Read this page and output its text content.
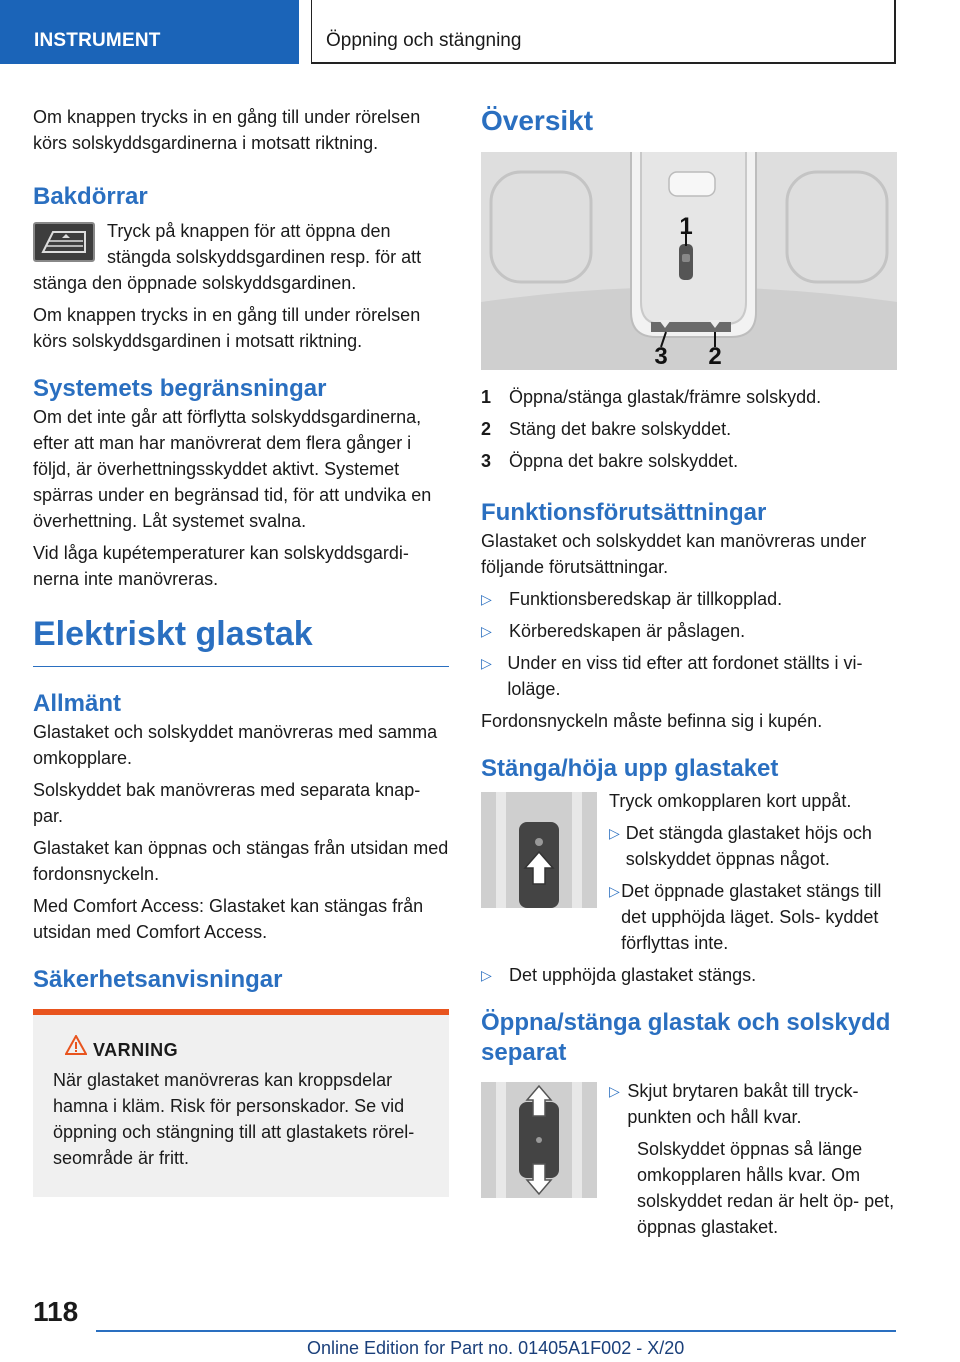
INSTRUMENT	Öppning och stängning

Om knappen trycks in en gång till under rörelsen körs solskyddsgardinerna i motsatt riktning.

Bakdörrar

Tryck på knappen för att öppna den stängda solskyddsgardinen resp. för att stänga den öppnade solskyddsgardinen.

Om knappen trycks in en gång till under rörelsen körs solskyddsgardinen i motsatt riktning.

Systemets begränsningar

Om det inte går att förflytta solskyddsgardinerna, efter att man har manövrerat dem flera gånger i följd, är överhettningsskyddet aktivt. Systemet spärras under en begränsad tid, för att undvika en överhettning. Låt systemet svalna.

Vid låga kupétemperaturer kan solskyddsgardi- nerna inte manövreras.

Elektriskt glastak
Allmänt

Glastaket och solskyddet manövreras med samma omkopplare.

Solskyddet bak manövreras med separata knap- par.

Glastaket kan öppnas och stängas från utsidan med fordonsnyckeln.

Med Comfort Access: Glastaket kan stängas från utsidan med Comfort Access.

Säkerhetsanvisningar
VARNING

När glastaket manövreras kan kroppsdelar hamna i kläm. Risk för personskador. Se vid öppning och stängning till att glastakets rörel- seområde är fritt.

Översikt
1
3 2
1 Öppna/stänga glastak/främre solskydd.
2 Stäng det bakre solskyddet.
3 Öppna det bakre solskyddet.
Funktionsförutsättningar

Glastaket och solskyddet kan manövreras under följande förutsättningar.

▷ Funktionsberedskap är tillkopplad.
▷ Körberedskapen är påslagen.
▷ Under en viss tid efter att fordonet ställts i vi- loläge.

Fordonsnyckeln måste befinna sig i kupén.

Stänga/höja upp glastaket

Tryck omkopplaren kort uppåt.

▷ Det stängda glastaket höjs och solskyddet öppnas något.
▷ Det öppnade glastaket stängs till det upphöjda läget. Sols- kyddet förflyttas inte.
▷ Det upphöjda glastaket stängs.
Öppna/stänga glastak och solskydd separat
▷ Skjut brytaren bakåt till tryck- punkten och håll kvar.

Solskyddet öppnas så länge omkopplaren hålls kvar. Om solskyddet redan är helt öp- pet, öppnas glastaket.

118
Online Edition for Part no. 01405A1F002 - X/20
